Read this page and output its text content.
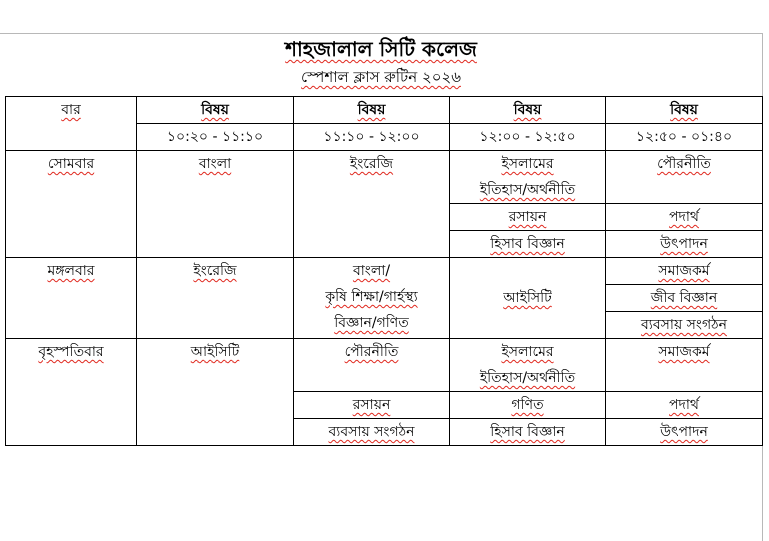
শাহজালাল সিটি কলেজ
স্পেশাল ক্লাস রুটিন ২০২৬
বার	বিষয়	বিষয়	বিষয়	বিষয়
	১০:২০ - ১১:১০	১১:১০ - ১২:০০	১২:০০ - ১২:৫০	১২:৫০ - ০১:৪০
সোমবার	বাংলা	ইংরেজি	ইসলামের
ইতিহাস/অর্থনীতি	পৌরনীতি
			রসায়ন	পদার্থ
			হিসাব বিজ্ঞান	উৎপাদন
মঙ্গলবার	ইংরেজি	বাংলা/
কৃষি শিক্ষা/গার্হস্থ্য
বিজ্ঞান/গণিত	আইসিটি	সমাজকর্ম
				জীব বিজ্ঞান
				ব্যবসায় সংগঠন
বৃহস্পতিবার	আইসিটি	পৌরনীতি	ইসলামের
ইতিহাস/অর্থনীতি	সমাজকর্ম
		রসায়ন	গণিত	পদার্থ
		ব্যবসায় সংগঠন	হিসাব বিজ্ঞান	উৎপাদন
